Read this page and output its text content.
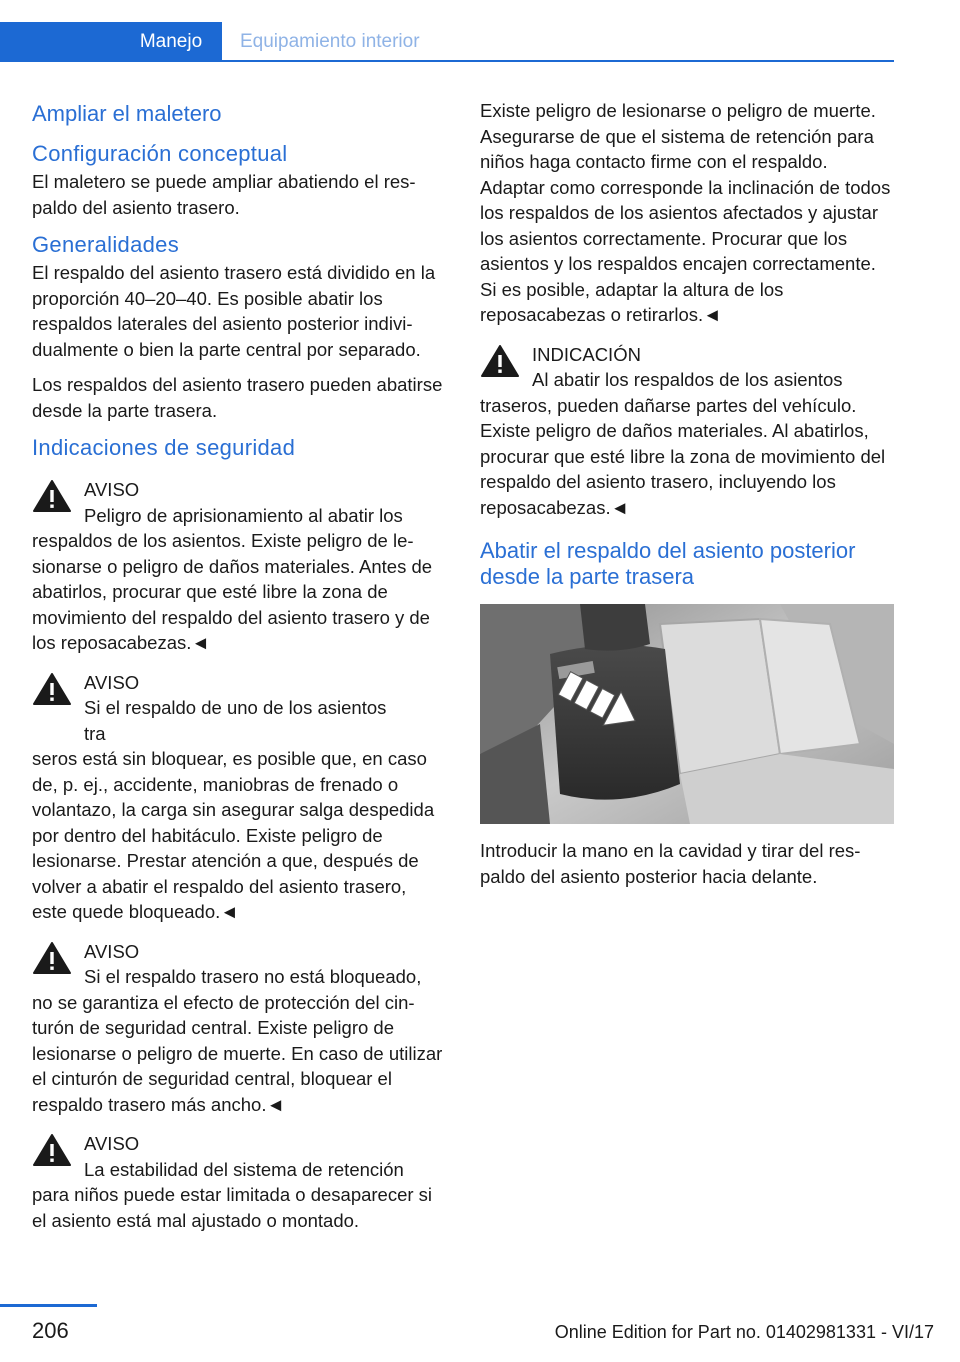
Manejo	Equipamiento interior
Ampliar el maletero
Configuración conceptual

El maletero se puede ampliar abatiendo el respaldo del asiento trasero.

Generalidades

El respaldo del asiento trasero está dividido en la proporción 40–20–40. Es posible abatir los respaldos laterales del asiento posterior individualmente o bien la parte central por separado.

Los respaldos del asiento trasero pueden abatirse desde la parte trasera.

Indicaciones de seguridad
AVISO
Peligro de aprisionamiento al abatir los

respaldos de los asientos. Existe peligro de lesionarse o peligro de daños materiales. Antes de abatirlos, procurar que esté libre la zona de movimiento del respaldo del asiento trasero y de los reposacabezas.◄

AVISO
Si el respaldo de uno de los asientos tra

seros está sin bloquear, es posible que, en caso de, p. ej., accidente, maniobras de frenado o volantazo, la carga sin asegurar salga despedida por dentro del habitáculo. Existe peligro de lesionarse. Prestar atención a que, después de volver a abatir el respaldo del asiento trasero, este quede bloqueado.◄

AVISO
Si el respaldo trasero no está bloqueado,

no se garantiza el efecto de protección del cinturón de seguridad central. Existe peligro de lesionarse o peligro de muerte. En caso de utilizar el cinturón de seguridad central, bloquear el respaldo trasero más ancho.◄

AVISO
La estabilidad del sistema de retención

para niños puede estar limitada o desaparecer si el asiento está mal ajustado o montado.

Existe peligro de lesionarse o peligro de muerte. Asegurarse de que el sistema de retención para niños haga contacto firme con el respaldo. Adaptar como corresponde la inclinación de todos los respaldos de los asientos afectados y ajustar los asientos correctamente. Procurar que los asientos y los respaldos encajen correctamente. Si es posible, adaptar la altura de los reposacabezas o retirarlos.◄

INDICACIÓN
Al abatir los respaldos de los asientos

traseros, pueden dañarse partes del vehículo. Existe peligro de daños materiales. Al abatirlos, procurar que esté libre la zona de movimiento del respaldo del asiento trasero, incluyendo los reposacabezas.◄

Abatir el respaldo del asiento posterior desde la parte trasera

Introducir la mano en la cavidad y tirar del respaldo del asiento posterior hacia delante.

206	Online Edition for Part no. 01402981331 - VI/17
